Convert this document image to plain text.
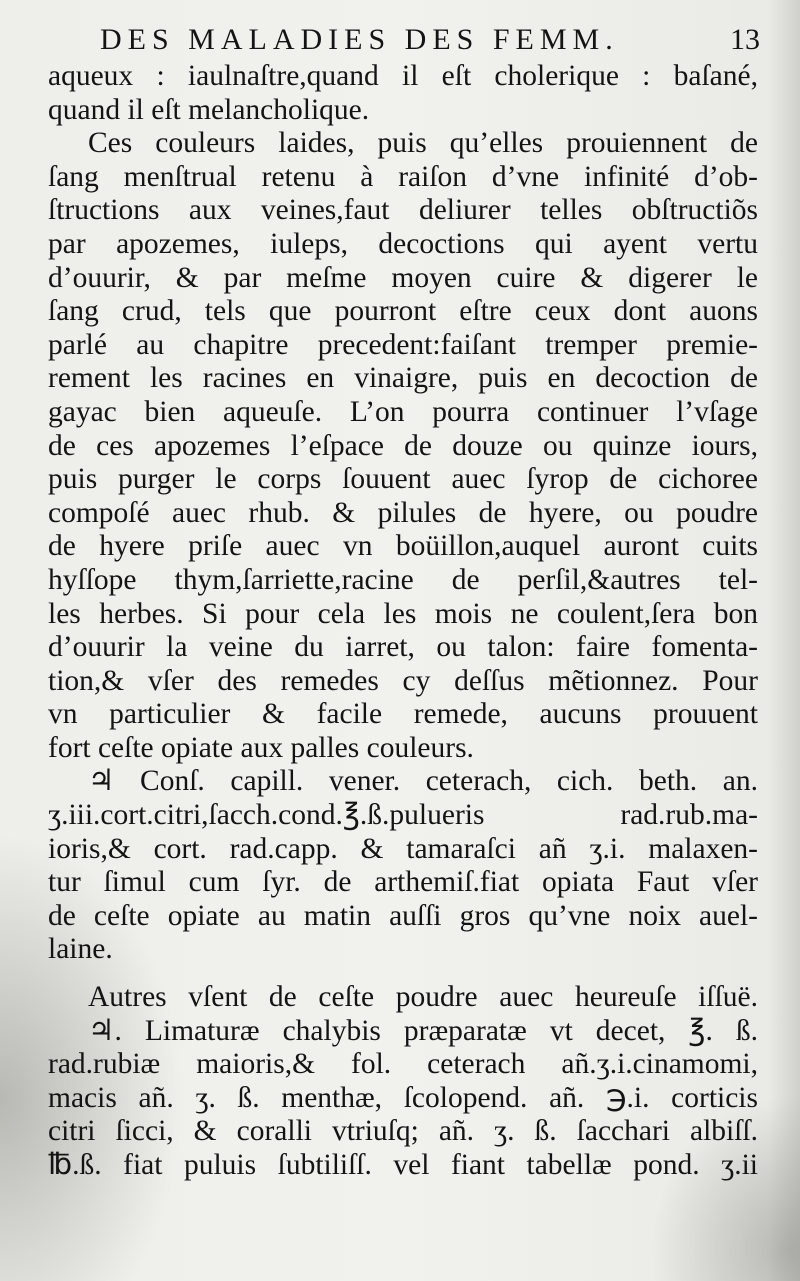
DES MALADIES DES FEMM.	13
aqueux : iaulnaſtre,quand il eſt cholerique : baſané,
quand il eſt melancholique.
Ces couleurs laides, puis qu’elles prouiennent de
ſang menſtrual retenu à raiſon d’vne infinité d’ob-
ſtructions aux veines,faut deliurer telles obſtructiõs
par apozemes, iuleps, decoctions qui ayent vertu
d’ouurir, & par meſme moyen cuire & digerer le
ſang crud, tels que pourront eſtre ceux dont auons
parlé au chapitre precedent:faiſant tremper premie-
rement les racines en vinaigre, puis en decoction de
gayac bien aqueuſe. L’on pourra continuer l’vſage
de ces apozemes l’eſpace de douze ou quinze iours,
puis purger le corps ſouuent auec ſyrop de cichoree
compoſé auec rhub. & pilules de hyere, ou poudre
de hyere priſe auec vn boüillon,auquel auront cuits
hyſſope thym,ſarriette,racine de perſil,&autres tel-
les herbes. Si pour cela les mois ne coulent,ſera bon
d’ouurir la veine du iarret, ou talon: faire fomenta-
tion,& vſer des remedes cy deſſus mẽtionnez. Pour
vn particulier & facile remede, aucuns prouuent
fort ceſte opiate aux palles couleurs.
♃ Conſ. capill. vener. ceterach, cich. beth. an.
ʒ.iii.cort.citri,ſacch.cond.℥.ß.pulueris rad.rub.ma-
ioris,& cort. rad.capp. & tamaraſci añ ʒ.i. malaxen-
tur ſimul cum ſyr. de arthemiſ.fiat opiata Faut vſer
de ceſte opiate au matin auſſi gros qu’vne noix auel-
laine.
Autres vſent de ceſte poudre auec heureuſe iſſuë.
♃. Limaturæ chalybis præparatæ vt decet, ℥. ß.
rad.rubiæ maioris,& fol. ceterach añ.ʒ.i.cinamomi,
macis añ. ʒ. ß. menthæ, ſcolopend. añ. ℈.i. corticis
citri ſicci, & coralli vtriuſq; añ. ʒ. ß. ſacchari albiſſ.
℔.ß. fiat puluis ſubtiliſſ. vel fiant tabellæ pond. ʒ.ii
